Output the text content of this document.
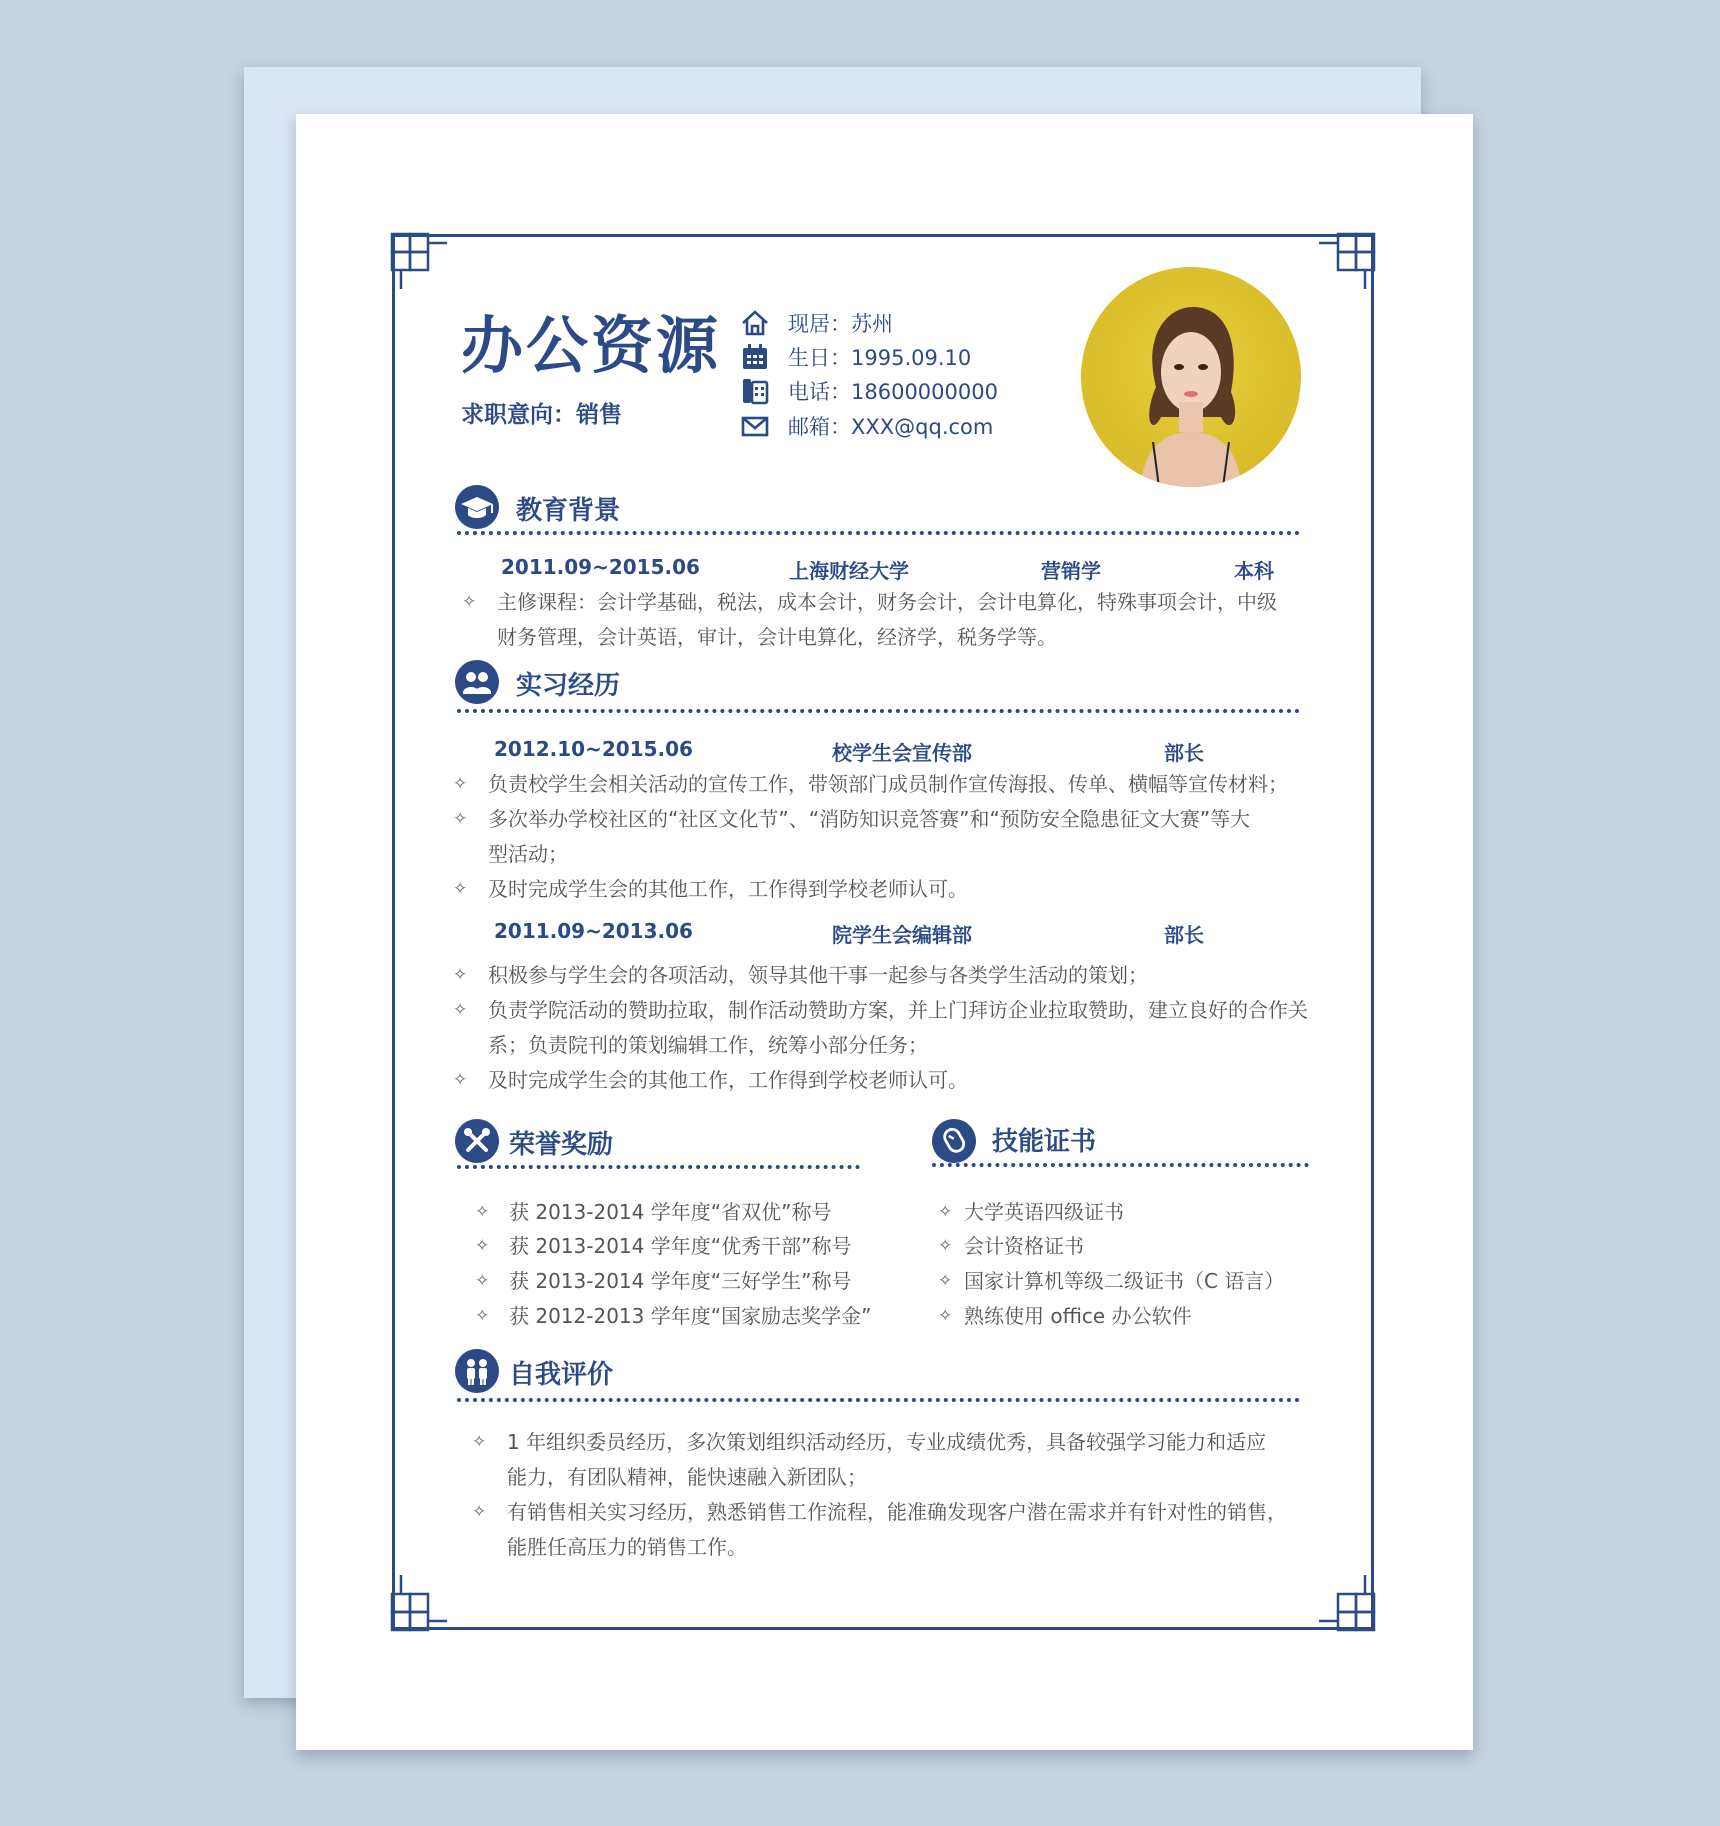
办公资源
求职意向：销售
现居：苏州
生日：1995.09.10
电话：18600000000
邮箱：XXX@qq.com
教育背景
2011.09~2015.06	上海财经大学	营销学	本科
✧	主修课程：会计学基础，税法，成本会计，财务会计，会计电算化，特殊事项会计，中级
财务管理，会计英语，审计，会计电算化，经济学，税务学等。
实习经历
2012.10~2015.06	校学生会宣传部	部长
✧	负责校学生会相关活动的宣传工作，带领部门成员制作宣传海报、传单、横幅等宣传材料；
✧	多次举办学校社区的“社区文化节”、“消防知识竞答赛”和“预防安全隐患征文大赛”等大
型活动；
✧	及时完成学生会的其他工作，工作得到学校老师认可。
2011.09~2013.06	院学生会编辑部	部长
✧	积极参与学生会的各项活动，领导其他干事一起参与各类学生活动的策划；
✧	负责学院活动的赞助拉取，制作活动赞助方案，并上门拜访企业拉取赞助，建立良好的合作关
系；负责院刊的策划编辑工作，统筹小部分任务；
✧	及时完成学生会的其他工作，工作得到学校老师认可。
荣誉奖励
✧ 获 2013-2014 学年度“省双优”称号
✧ 获 2013-2014 学年度“优秀干部”称号
✧ 获 2013-2014 学年度“三好学生”称号
✧ 获 2012-2013 学年度“国家励志奖学金”
技能证书
✧ 大学英语四级证书
✧ 会计资格证书
✧ 国家计算机等级二级证书（C 语言）
✧ 熟练使用 office 办公软件
自我评价
✧	1 年组织委员经历，多次策划组织活动经历，专业成绩优秀，具备较强学习能力和适应
能力，有团队精神，能快速融入新团队；
✧	有销售相关实习经历，熟悉销售工作流程，能准确发现客户潜在需求并有针对性的销售，
能胜任高压力的销售工作。
